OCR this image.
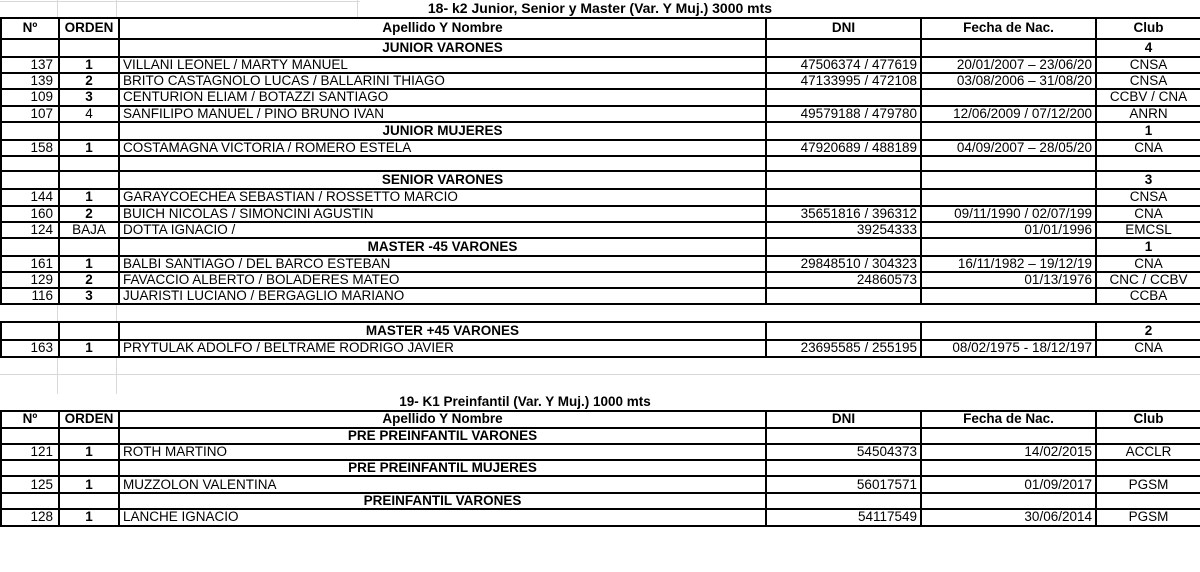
18- k2 Junior, Senior y Master (Var. Y Muj.) 3000 mts
Nº	ORDEN	Apellido Y Nombre	DNI	Fecha de Nac.	Club
		JUNIOR VARONES			4
137	1	VILLANI LEONEL / MARTY MANUEL	47506374 / 477619	20/01/2007 – 23/06/20	CNSA
139	2	BRITO CASTAGNOLO LUCAS / BALLARINI THIAGO	47133995 / 472108	03/08/2006 – 31/08/20	CNSA
109	3	CENTURION ELIAM / BOTAZZI SANTIAGO			CCBV / CNA
107	4	SANFILIPO MANUEL / PINO BRUNO IVAN	49579188 / 479780	12/06/2009 / 07/12/200	ANRN
		JUNIOR MUJERES			1
158	1	COSTAMAGNA VICTORIA / ROMERO ESTELA	47920689 / 488189	04/09/2007 – 28/05/20	CNA

		SENIOR VARONES			3
144	1	GARAYCOECHEA SEBASTIAN / ROSSETTO MARCIO			CNSA
160	2	BUICH NICOLAS / SIMONCINI AGUSTIN	35651816 / 396312	09/11/1990 / 02/07/199	CNA
124	BAJA	DOTTA IGNACIO /	39254333	01/01/1996	EMCSL
		MASTER -45 VARONES			1
161	1	BALBI SANTIAGO / DEL BARCO ESTEBAN	29848510 / 304323	16/11/1982 – 19/12/19	CNA
129	2	FAVACCIO ALBERTO / BOLADERES MATEO	24860573	01/13/1976	CNC / CCBV
116	3	JUARISTI LUCIANO / BERGAGLIO MARIANO			CCBA
		MASTER +45 VARONES			2
163	1	PRYTULAK ADOLFO / BELTRAME RODRIGO JAVIER	23695585 / 255195	08/02/1975 - 18/12/197	CNA
19- K1 Preinfantil (Var. Y Muj.) 1000 mts
Nº	ORDEN	Apellido Y Nombre	DNI	Fecha de Nac.	Club
		PRE PREINFANTIL VARONES			
121	1	ROTH MARTINO	54504373	14/02/2015	ACCLR
		PRE PREINFANTIL MUJERES			
125	1	MUZZOLON VALENTINA	56017571	01/09/2017	PGSM
		PREINFANTIL VARONES			
128	1	LANCHE IGNACIO	54117549	30/06/2014	PGSM
